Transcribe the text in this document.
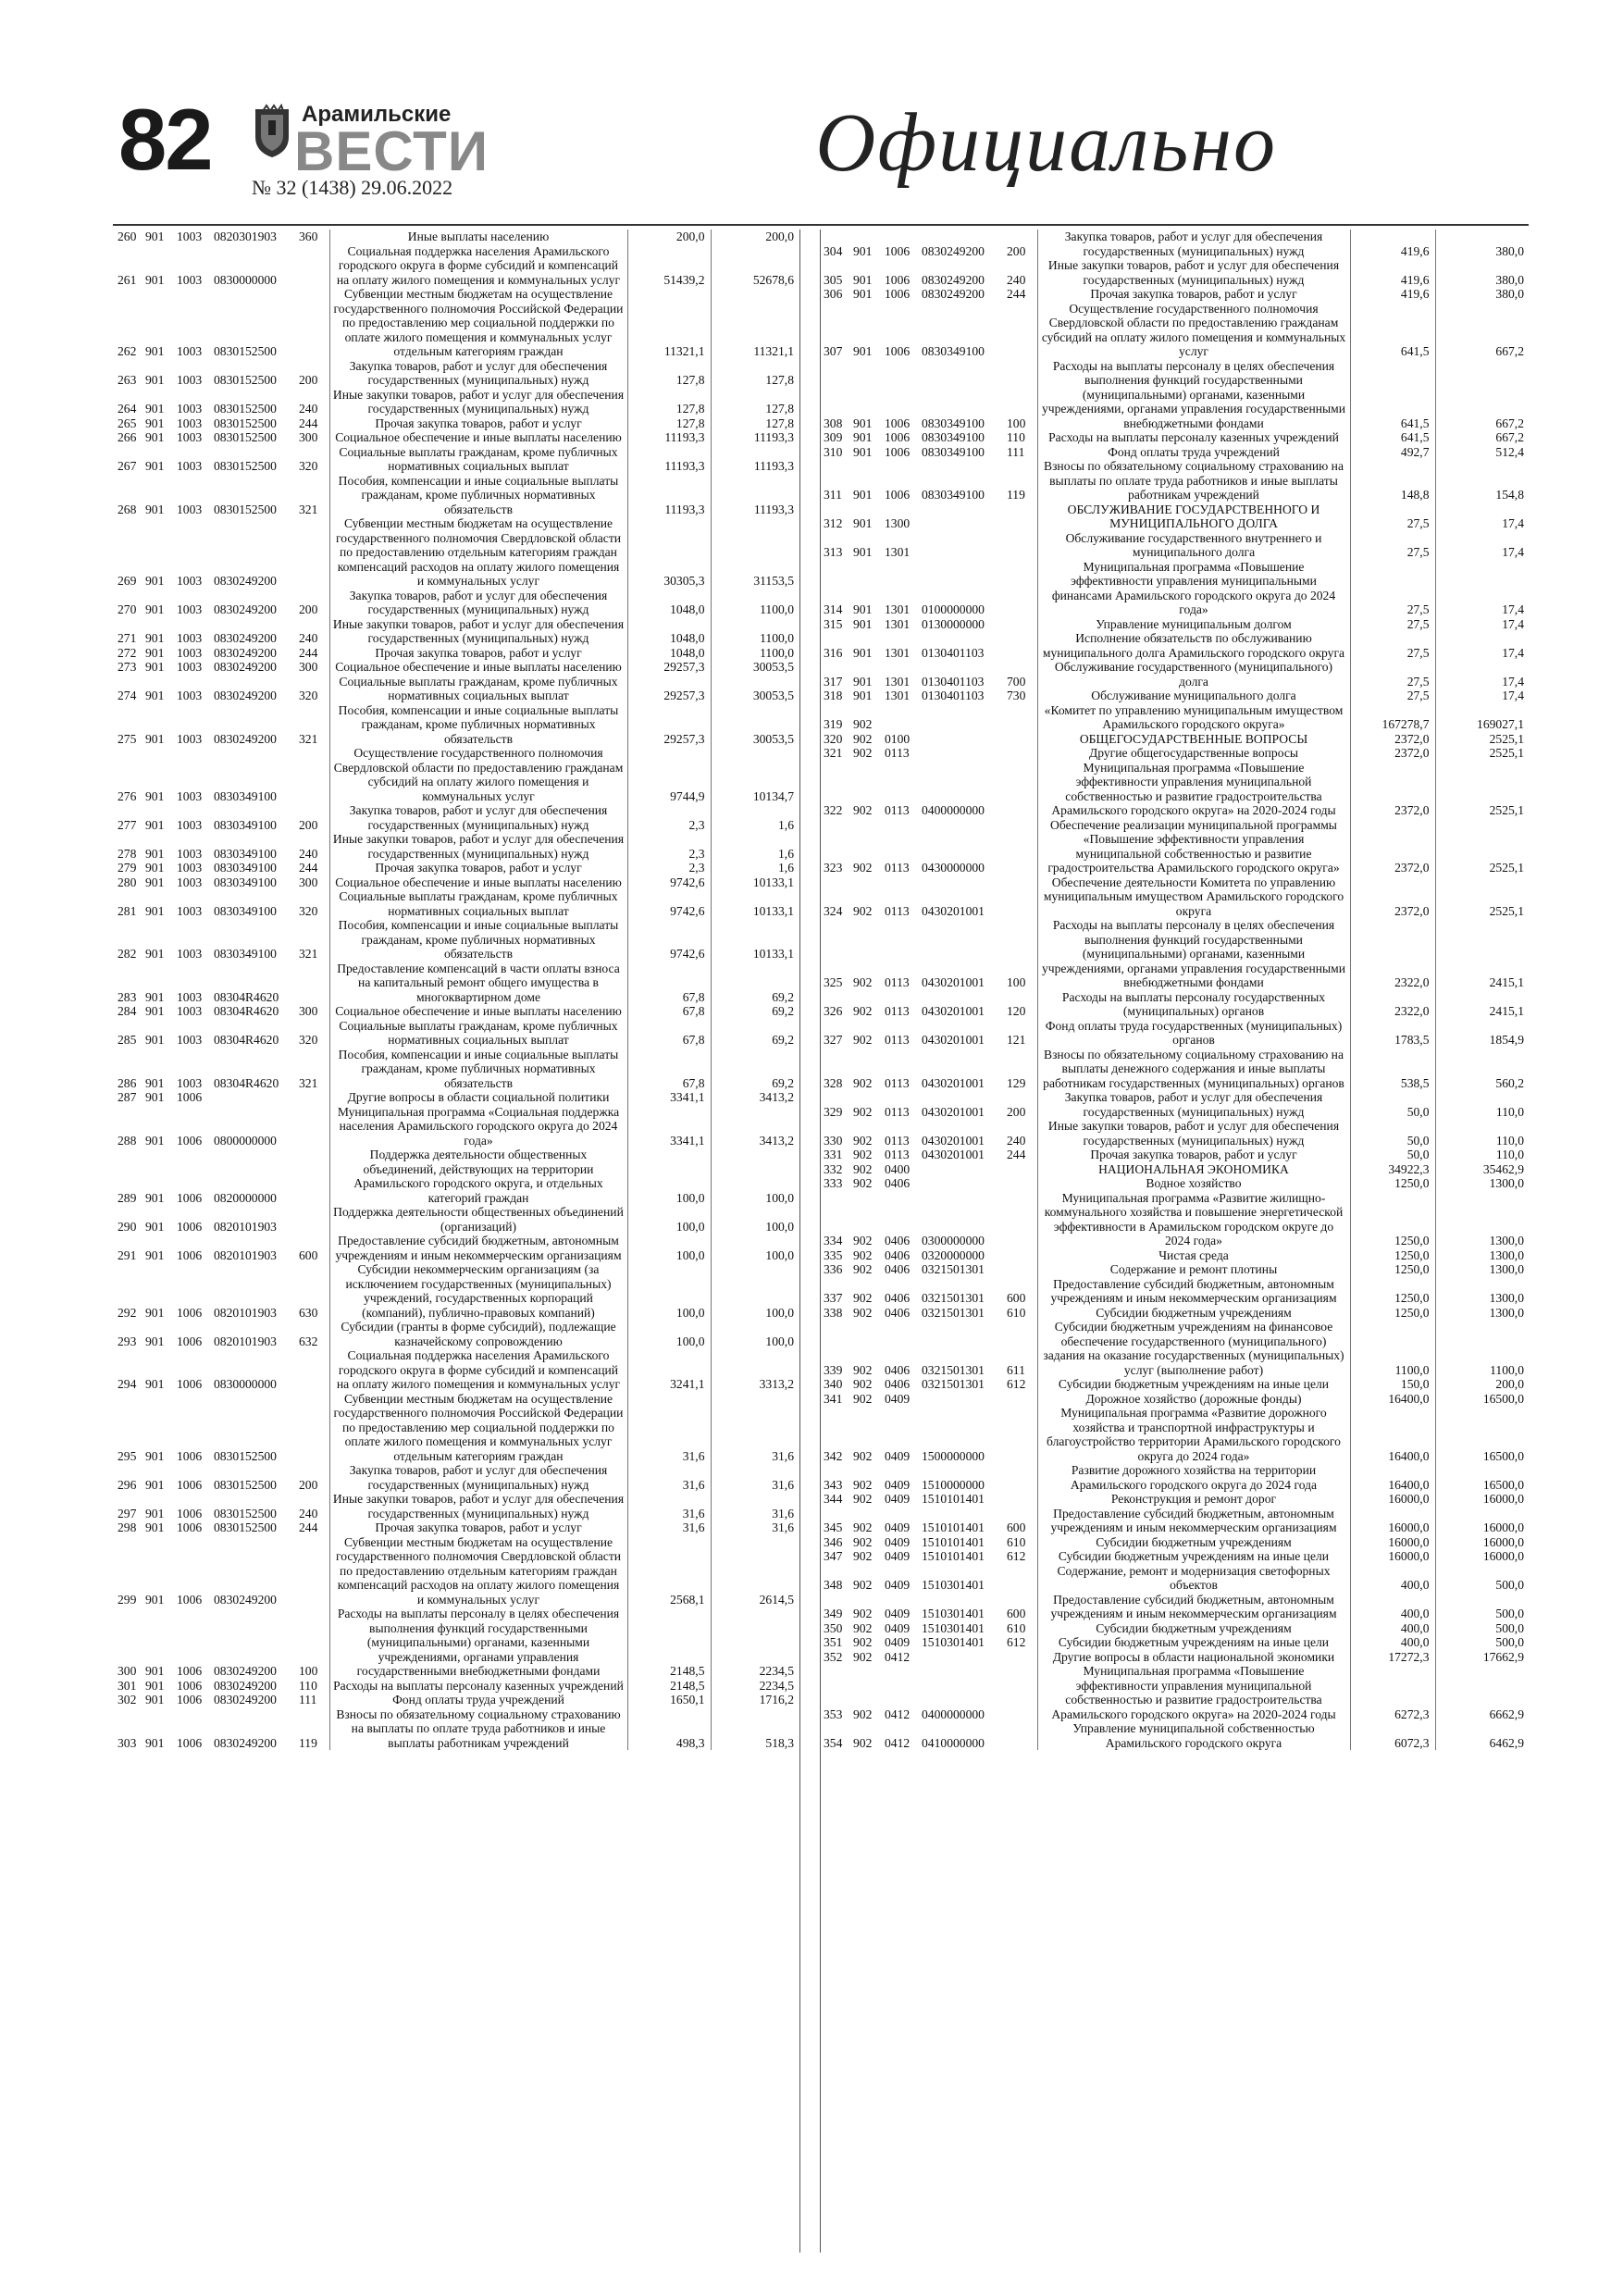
82	Арамильские
ВЕСТИ
№ 32 (1438) 29.06.2022	Официально
260	901	1003	0820301903	360	Иные выплаты населению	200,0	200,0
261	901	1003	0830000000		Социальная поддержка населения Арамильского городского округа в форме субсидий и компенсаций на оплату жилого помещения и коммунальных услуг	51439,2	52678,6
262	901	1003	0830152500		Субвенции местным бюджетам на осуществление государственного полномочия Российской Федерации по предоставлению мер социальной поддержки по оплате жилого помещения и коммунальных услуг отдельным категориям граждан	11321,1	11321,1
263	901	1003	0830152500	200	Закупка товаров, работ и услуг для обеспечения государственных (муниципальных) нужд	127,8	127,8
264	901	1003	0830152500	240	Иные закупки товаров, работ и услуг для обеспечения государственных (муниципальных) нужд	127,8	127,8
265	901	1003	0830152500	244	Прочая закупка товаров, работ и услуг	127,8	127,8
266	901	1003	0830152500	300	Социальное обеспечение и иные выплаты населению	11193,3	11193,3
267	901	1003	0830152500	320	Социальные выплаты гражданам, кроме публичных нормативных социальных выплат	11193,3	11193,3
268	901	1003	0830152500	321	Пособия, компенсации и иные социальные выплаты гражданам, кроме публичных нормативных обязательств	11193,3	11193,3
269	901	1003	0830249200		Субвенции местным бюджетам на осуществление государственного полномочия Свердловской области по предоставлению отдельным категориям граждан компенсаций расходов на оплату жилого помещения и коммунальных услуг	30305,3	31153,5
270	901	1003	0830249200	200	Закупка товаров, работ и услуг для обеспечения государственных (муниципальных) нужд	1048,0	1100,0
271	901	1003	0830249200	240	Иные закупки товаров, работ и услуг для обеспечения государственных (муниципальных) нужд	1048,0	1100,0
272	901	1003	0830249200	244	Прочая закупка товаров, работ и услуг	1048,0	1100,0
273	901	1003	0830249200	300	Социальное обеспечение и иные выплаты населению	29257,3	30053,5
274	901	1003	0830249200	320	Социальные выплаты гражданам, кроме публичных нормативных социальных выплат	29257,3	30053,5
275	901	1003	0830249200	321	Пособия, компенсации и иные социальные выплаты гражданам, кроме публичных нормативных обязательств	29257,3	30053,5
276	901	1003	0830349100		Осуществление государственного полномочия Свердловской области по предоставлению гражданам субсидий на оплату жилого помещения и коммунальных услуг	9744,9	10134,7
277	901	1003	0830349100	200	Закупка товаров, работ и услуг для обеспечения государственных (муниципальных) нужд	2,3	1,6
278	901	1003	0830349100	240	Иные закупки товаров, работ и услуг для обеспечения государственных (муниципальных) нужд	2,3	1,6
279	901	1003	0830349100	244	Прочая закупка товаров, работ и услуг	2,3	1,6
280	901	1003	0830349100	300	Социальное обеспечение и иные выплаты населению	9742,6	10133,1
281	901	1003	0830349100	320	Социальные выплаты гражданам, кроме публичных нормативных социальных выплат	9742,6	10133,1
282	901	1003	0830349100	321	Пособия, компенсации и иные социальные выплаты гражданам, кроме публичных нормативных обязательств	9742,6	10133,1
283	901	1003	08304R4620		Предоставление компенсаций в части оплаты взноса на капитальный ремонт общего имущества в многоквартирном доме	67,8	69,2
284	901	1003	08304R4620	300	Социальное обеспечение и иные выплаты населению	67,8	69,2
285	901	1003	08304R4620	320	Социальные выплаты гражданам, кроме публичных нормативных социальных выплат	67,8	69,2
286	901	1003	08304R4620	321	Пособия, компенсации и иные социальные выплаты гражданам, кроме публичных нормативных обязательств	67,8	69,2
287	901	1006			Другие вопросы в области социальной политики	3341,1	3413,2
288	901	1006	0800000000		Муниципальная программа «Социальная поддержка населения Арамильского городского округа до 2024 года»	3341,1	3413,2
289	901	1006	0820000000		Поддержка деятельности общественных объединений, действующих на территории Арамильского городского округа, и отдельных категорий граждан	100,0	100,0
290	901	1006	0820101903		Поддержка деятельности общественных объединений (организаций)	100,0	100,0
291	901	1006	0820101903	600	Предоставление субсидий бюджетным, автономным учреждениям и иным некоммерческим организациям	100,0	100,0
292	901	1006	0820101903	630	Субсидии некоммерческим организациям (за исключением государственных (муниципальных) учреждений, государственных корпораций (компаний), публично-правовых компаний)	100,0	100,0
293	901	1006	0820101903	632	Субсидии (гранты в форме субсидий), подлежащие казначейскому сопровождению	100,0	100,0
294	901	1006	0830000000		Социальная поддержка населения Арамильского городского округа в форме субсидий и компенсаций на оплату жилого помещения и коммунальных услуг	3241,1	3313,2
295	901	1006	0830152500		Субвенции местным бюджетам на осуществление государственного полномочия Российской Федерации по предоставлению мер социальной поддержки по оплате жилого помещения и коммунальных услуг отдельным категориям граждан	31,6	31,6
296	901	1006	0830152500	200	Закупка товаров, работ и услуг для обеспечения государственных (муниципальных) нужд	31,6	31,6
297	901	1006	0830152500	240	Иные закупки товаров, работ и услуг для обеспечения государственных (муниципальных) нужд	31,6	31,6
298	901	1006	0830152500	244	Прочая закупка товаров, работ и услуг	31,6	31,6
299	901	1006	0830249200		Субвенции местным бюджетам на осуществление государственного полномочия Свердловской области по предоставлению отдельным категориям граждан компенсаций расходов на оплату жилого помещения и коммунальных услуг	2568,1	2614,5
300	901	1006	0830249200	100	Расходы на выплаты персоналу в целях обеспечения выполнения функций государственными (муниципальными) органами, казенными учреждениями, органами управления государственными внебюджетными фондами	2148,5	2234,5
301	901	1006	0830249200	110	Расходы на выплаты персоналу казенных учреждений	2148,5	2234,5
302	901	1006	0830249200	111	Фонд оплаты труда учреждений	1650,1	1716,2
303	901	1006	0830249200	119	Взносы по обязательному социальному страхованию на выплаты по оплате труда работников и иные выплаты работникам учреждений	498,3	518,3
304	901	1006	0830249200	200	Закупка товаров, работ и услуг для обеспечения государственных (муниципальных) нужд	419,6	380,0
305	901	1006	0830249200	240	Иные закупки товаров, работ и услуг для обеспечения государственных (муниципальных) нужд	419,6	380,0
306	901	1006	0830249200	244	Прочая закупка товаров, работ и услуг	419,6	380,0
307	901	1006	0830349100		Осуществление государственного полномочия Свердловской области по предоставлению гражданам субсидий на оплату жилого помещения и коммунальных услуг	641,5	667,2
308	901	1006	0830349100	100	Расходы на выплаты персоналу в целях обеспечения выполнения функций государственными (муниципальными) органами, казенными учреждениями, органами управления государственными внебюджетными фондами	641,5	667,2
309	901	1006	0830349100	110	Расходы на выплаты персоналу казенных учреждений	641,5	667,2
310	901	1006	0830349100	111	Фонд оплаты труда учреждений	492,7	512,4
311	901	1006	0830349100	119	Взносы по обязательному социальному страхованию на выплаты по оплате труда работников и иные выплаты работникам учреждений	148,8	154,8
312	901	1300			ОБСЛУЖИВАНИЕ ГОСУДАРСТВЕННОГО И МУНИЦИПАЛЬНОГО ДОЛГА	27,5	17,4
313	901	1301			Обслуживание государственного внутреннего и муниципального долга	27,5	17,4
314	901	1301	0100000000		Муниципальная программа «Повышение эффективности управления муниципальными финансами Арамильского городского округа до 2024 года»	27,5	17,4
315	901	1301	0130000000		Управление муниципальным долгом	27,5	17,4
316	901	1301	0130401103		Исполнение обязательств по обслуживанию муниципального долга Арамильского городского округа	27,5	17,4
317	901	1301	0130401103	700	Обслуживание государственного (муниципального) долга	27,5	17,4
318	901	1301	0130401103	730	Обслуживание муниципального долга	27,5	17,4
319	902				«Комитет по управлению муниципальным имуществом Арамильского городского округа»	167278,7	169027,1
320	902	0100			ОБЩЕГОСУДАРСТВЕННЫЕ ВОПРОСЫ	2372,0	2525,1
321	902	0113			Другие общегосударственные вопросы	2372,0	2525,1
322	902	0113	0400000000		Муниципальная программа «Повышение эффективности управления муниципальной собственностью и развитие градостроительства Арамильского городского округа» на 2020-2024 годы	2372,0	2525,1
323	902	0113	0430000000		Обеспечение реализации муниципальной программы «Повышение эффективности управления муниципальной собственностью и развитие градостроительства Арамильского городского округа»	2372,0	2525,1
324	902	0113	0430201001		Обеспечение деятельности Комитета по управлению муниципальным имуществом Арамильского городского округа	2372,0	2525,1
325	902	0113	0430201001	100	Расходы на выплаты персоналу в целях обеспечения выполнения функций государственными (муниципальными) органами, казенными учреждениями, органами управления государственными внебюджетными фондами	2322,0	2415,1
326	902	0113	0430201001	120	Расходы на выплаты персоналу государственных (муниципальных) органов	2322,0	2415,1
327	902	0113	0430201001	121	Фонд оплаты труда государственных (муниципальных) органов	1783,5	1854,9
328	902	0113	0430201001	129	Взносы по обязательному социальному страхованию на выплаты денежного содержания и иные выплаты работникам государственных (муниципальных) органов	538,5	560,2
329	902	0113	0430201001	200	Закупка товаров, работ и услуг для обеспечения государственных (муниципальных) нужд	50,0	110,0
330	902	0113	0430201001	240	Иные закупки товаров, работ и услуг для обеспечения государственных (муниципальных) нужд	50,0	110,0
331	902	0113	0430201001	244	Прочая закупка товаров, работ и услуг	50,0	110,0
332	902	0400			НАЦИОНАЛЬНАЯ ЭКОНОМИКА	34922,3	35462,9
333	902	0406			Водное хозяйство	1250,0	1300,0
334	902	0406	0300000000		Муниципальная программа «Развитие жилищно-коммунального хозяйства и повышение энергетической эффективности в Арамильском городском округе до 2024 года»	1250,0	1300,0
335	902	0406	0320000000		Чистая среда	1250,0	1300,0
336	902	0406	0321501301		Содержание и ремонт плотины	1250,0	1300,0
337	902	0406	0321501301	600	Предоставление субсидий бюджетным, автономным учреждениям и иным некоммерческим организациям	1250,0	1300,0
338	902	0406	0321501301	610	Субсидии бюджетным учреждениям	1250,0	1300,0
339	902	0406	0321501301	611	Субсидии бюджетным учреждениям на финансовое обеспечение государственного (муниципального) задания на оказание государственных (муниципальных) услуг (выполнение работ)	1100,0	1100,0
340	902	0406	0321501301	612	Субсидии бюджетным учреждениям на иные цели	150,0	200,0
341	902	0409			Дорожное хозяйство (дорожные фонды)	16400,0	16500,0
342	902	0409	1500000000		Муниципальная программа «Развитие дорожного хозяйства и транспортной инфраструктуры и благоустройство территории Арамильского городского округа до 2024 года»	16400,0	16500,0
343	902	0409	1510000000		Развитие дорожного хозяйства на территории Арамильского городского округа до 2024 года	16400,0	16500,0
344	902	0409	1510101401		Реконструкция и ремонт дорог	16000,0	16000,0
345	902	0409	1510101401	600	Предоставление субсидий бюджетным, автономным учреждениям и иным некоммерческим организациям	16000,0	16000,0
346	902	0409	1510101401	610	Субсидии бюджетным учреждениям	16000,0	16000,0
347	902	0409	1510101401	612	Субсидии бюджетным учреждениям на иные цели	16000,0	16000,0
348	902	0409	1510301401		Содержание, ремонт и модернизация светофорных объектов	400,0	500,0
349	902	0409	1510301401	600	Предоставление субсидий бюджетным, автономным учреждениям и иным некоммерческим организациям	400,0	500,0
350	902	0409	1510301401	610	Субсидии бюджетным учреждениям	400,0	500,0
351	902	0409	1510301401	612	Субсидии бюджетным учреждениям на иные цели	400,0	500,0
352	902	0412			Другие вопросы в области национальной экономики	17272,3	17662,9
353	902	0412	0400000000		Муниципальная программа «Повышение эффективности управления муниципальной собственностью и развитие градостроительства Арамильского городского округа» на 2020-2024 годы	6272,3	6662,9
354	902	0412	0410000000		Управление муниципальной собственностью Арамильского городского округа	6072,3	6462,9
